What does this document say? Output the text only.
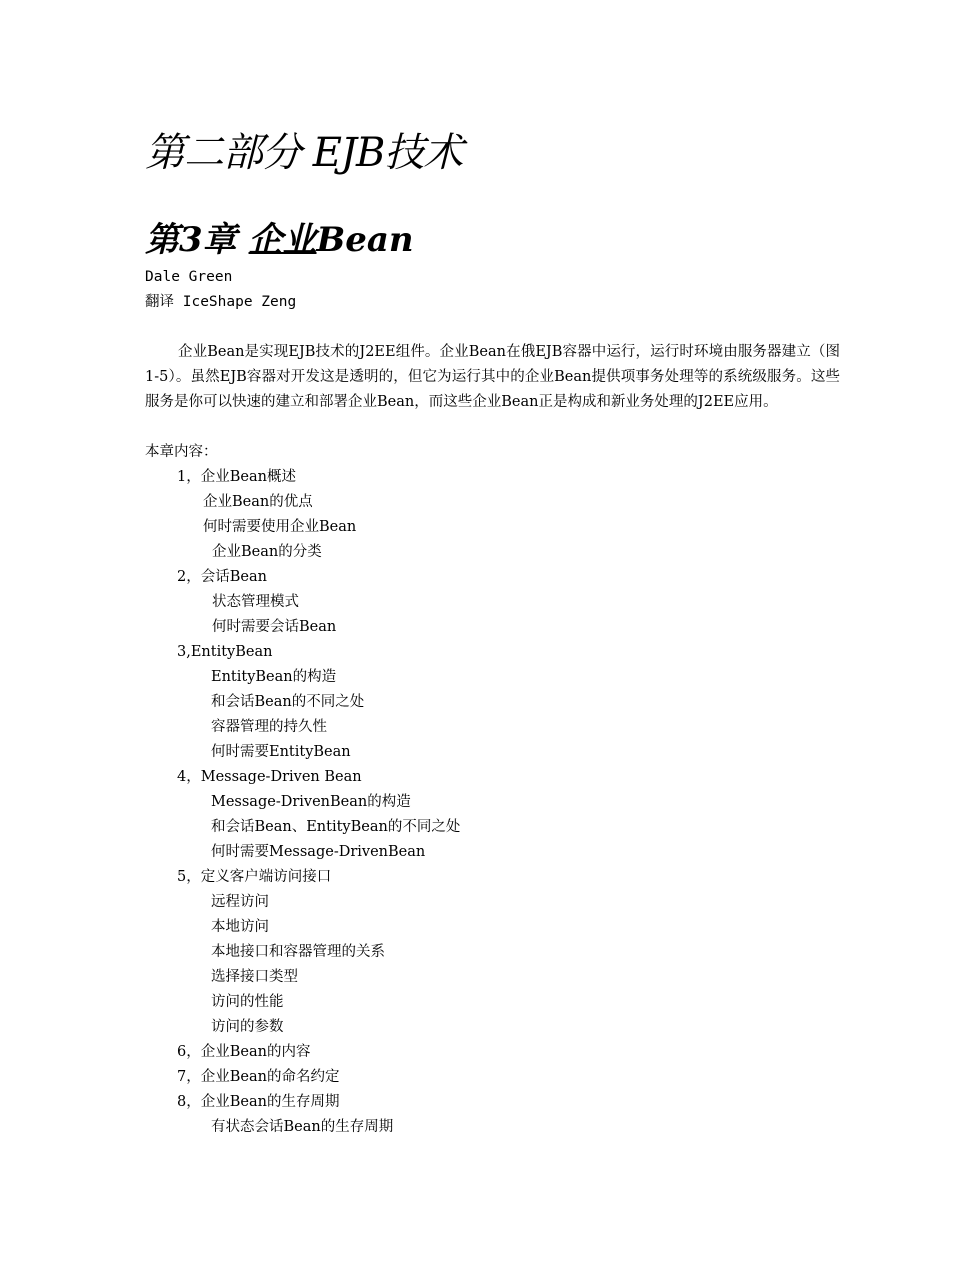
第二部分 EJB技术
第3章 企业Bean
Dale Green
翻译 IceShape Zeng

企业Bean是实现EJB技术的J2EE组件。企业Bean在俄EJB容器中运行，运行时环境由服务器建立（图1-5）。虽然EJB容器对开发这是透明的，但它为运行其中的企业Bean提供项事务处理等的系统级服务。这些服务是你可以快速的建立和部署企业Bean，而这些企业Bean正是构成和新业务处理的J2EE应用。

本章内容：
1，企业Bean概述
企业Bean的优点
何时需要使用企业Bean
企业Bean的分类
2，会话Bean
状态管理模式
何时需要会话Bean
3,EntityBean
EntityBean的构造
和会话Bean的不同之处
容器管理的持久性
何时需要EntityBean
4，Message-Driven Bean
Message-DrivenBean的构造
和会话Bean、EntityBean的不同之处
何时需要Message-DrivenBean
5，定义客户端访问接口
远程访问
本地访问
本地接口和容器管理的关系
选择接口类型
访问的性能
访问的参数
6，企业Bean的内容
7，企业Bean的命名约定
8，企业Bean的生存周期
有状态会话Bean的生存周期
